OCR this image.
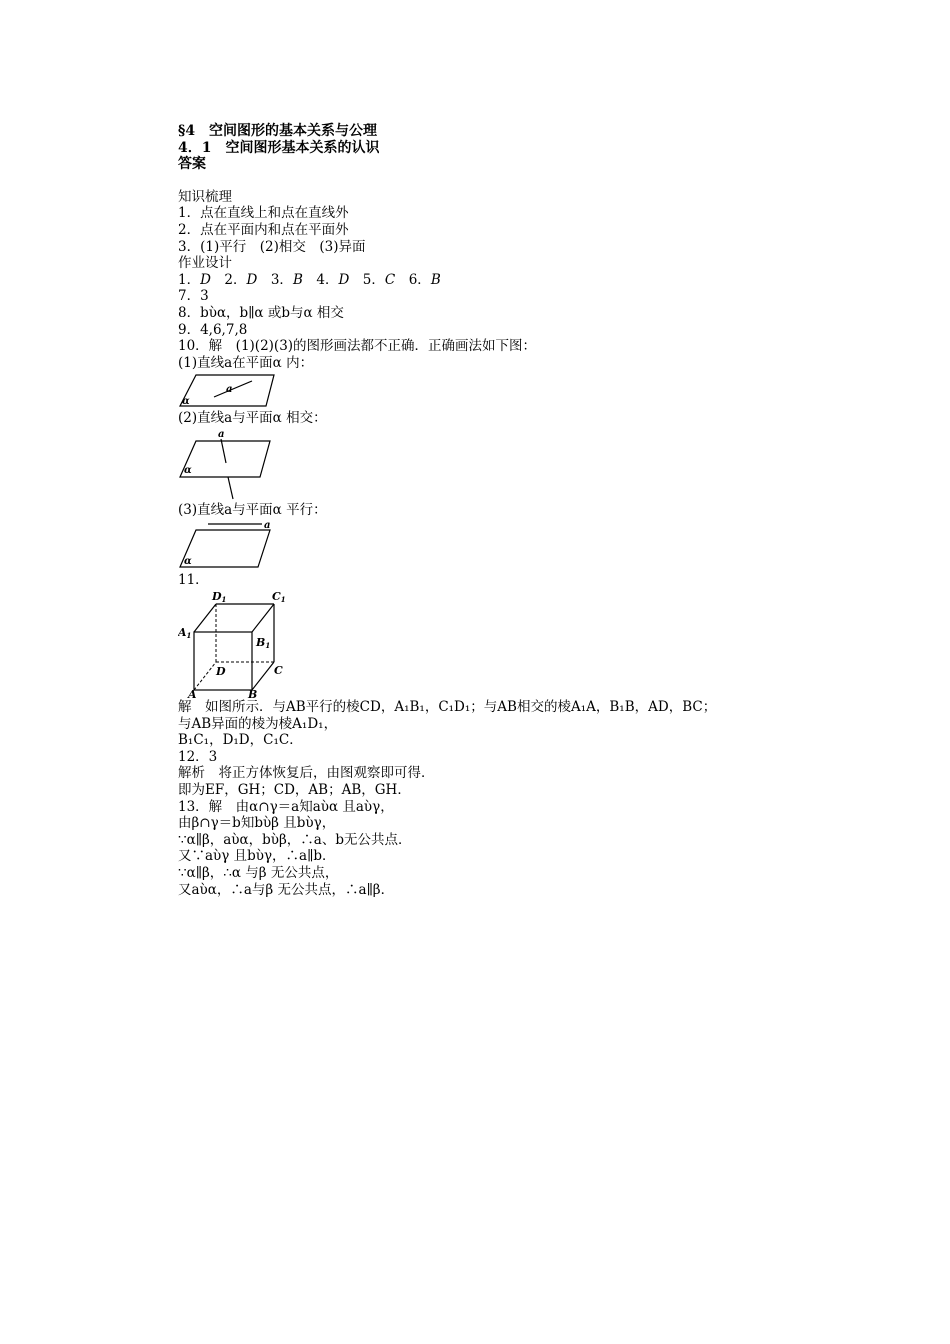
§4　空间图形的基本关系与公理
4．1　空间图形基本关系的认识
答案
知识梳理
1．点在直线上和点在直线外
2．点在平面内和点在平面外
3．(1)平行　(2)相交　(3)异面
作业设计
1．D　2．D　3．B　4．D　5．C　6．B
7．3
8．bὺα，b∥α 或b与α 相交
9．4,6,7,8
10．解　(1)(2)(3)的图形画法都不正确．正确画法如下图：
(1)直线a在平面α 内：
a
α
(2)直线a与平面α 相交：
a
α
(3)直线a与平面α 平行：
a
α
11．
D1	C1
A1
B1
D	C
A	B
解　如图所示．与AB平行的棱CD，A₁B₁，C₁D₁；与AB相交的棱A₁A，B₁B，AD，BC；
与AB异面的棱为棱A₁D₁，
B₁C₁，D₁D，C₁C．
12．3
解析　将正方体恢复后，由图观察即可得．
即为EF，GH；CD，AB；AB，GH．
13．解　由α∩γ＝a知aὺα 且aὺγ，
由β∩γ＝b知bὺβ 且bὺγ，
∵α∥β，aὺα，bὺβ，∴a、b无公共点．
又∵aὺγ 且bὺγ，∴a∥b．
∵α∥β，∴α 与β 无公共点，
又aὺα，∴a与β 无公共点，∴a∥β．
